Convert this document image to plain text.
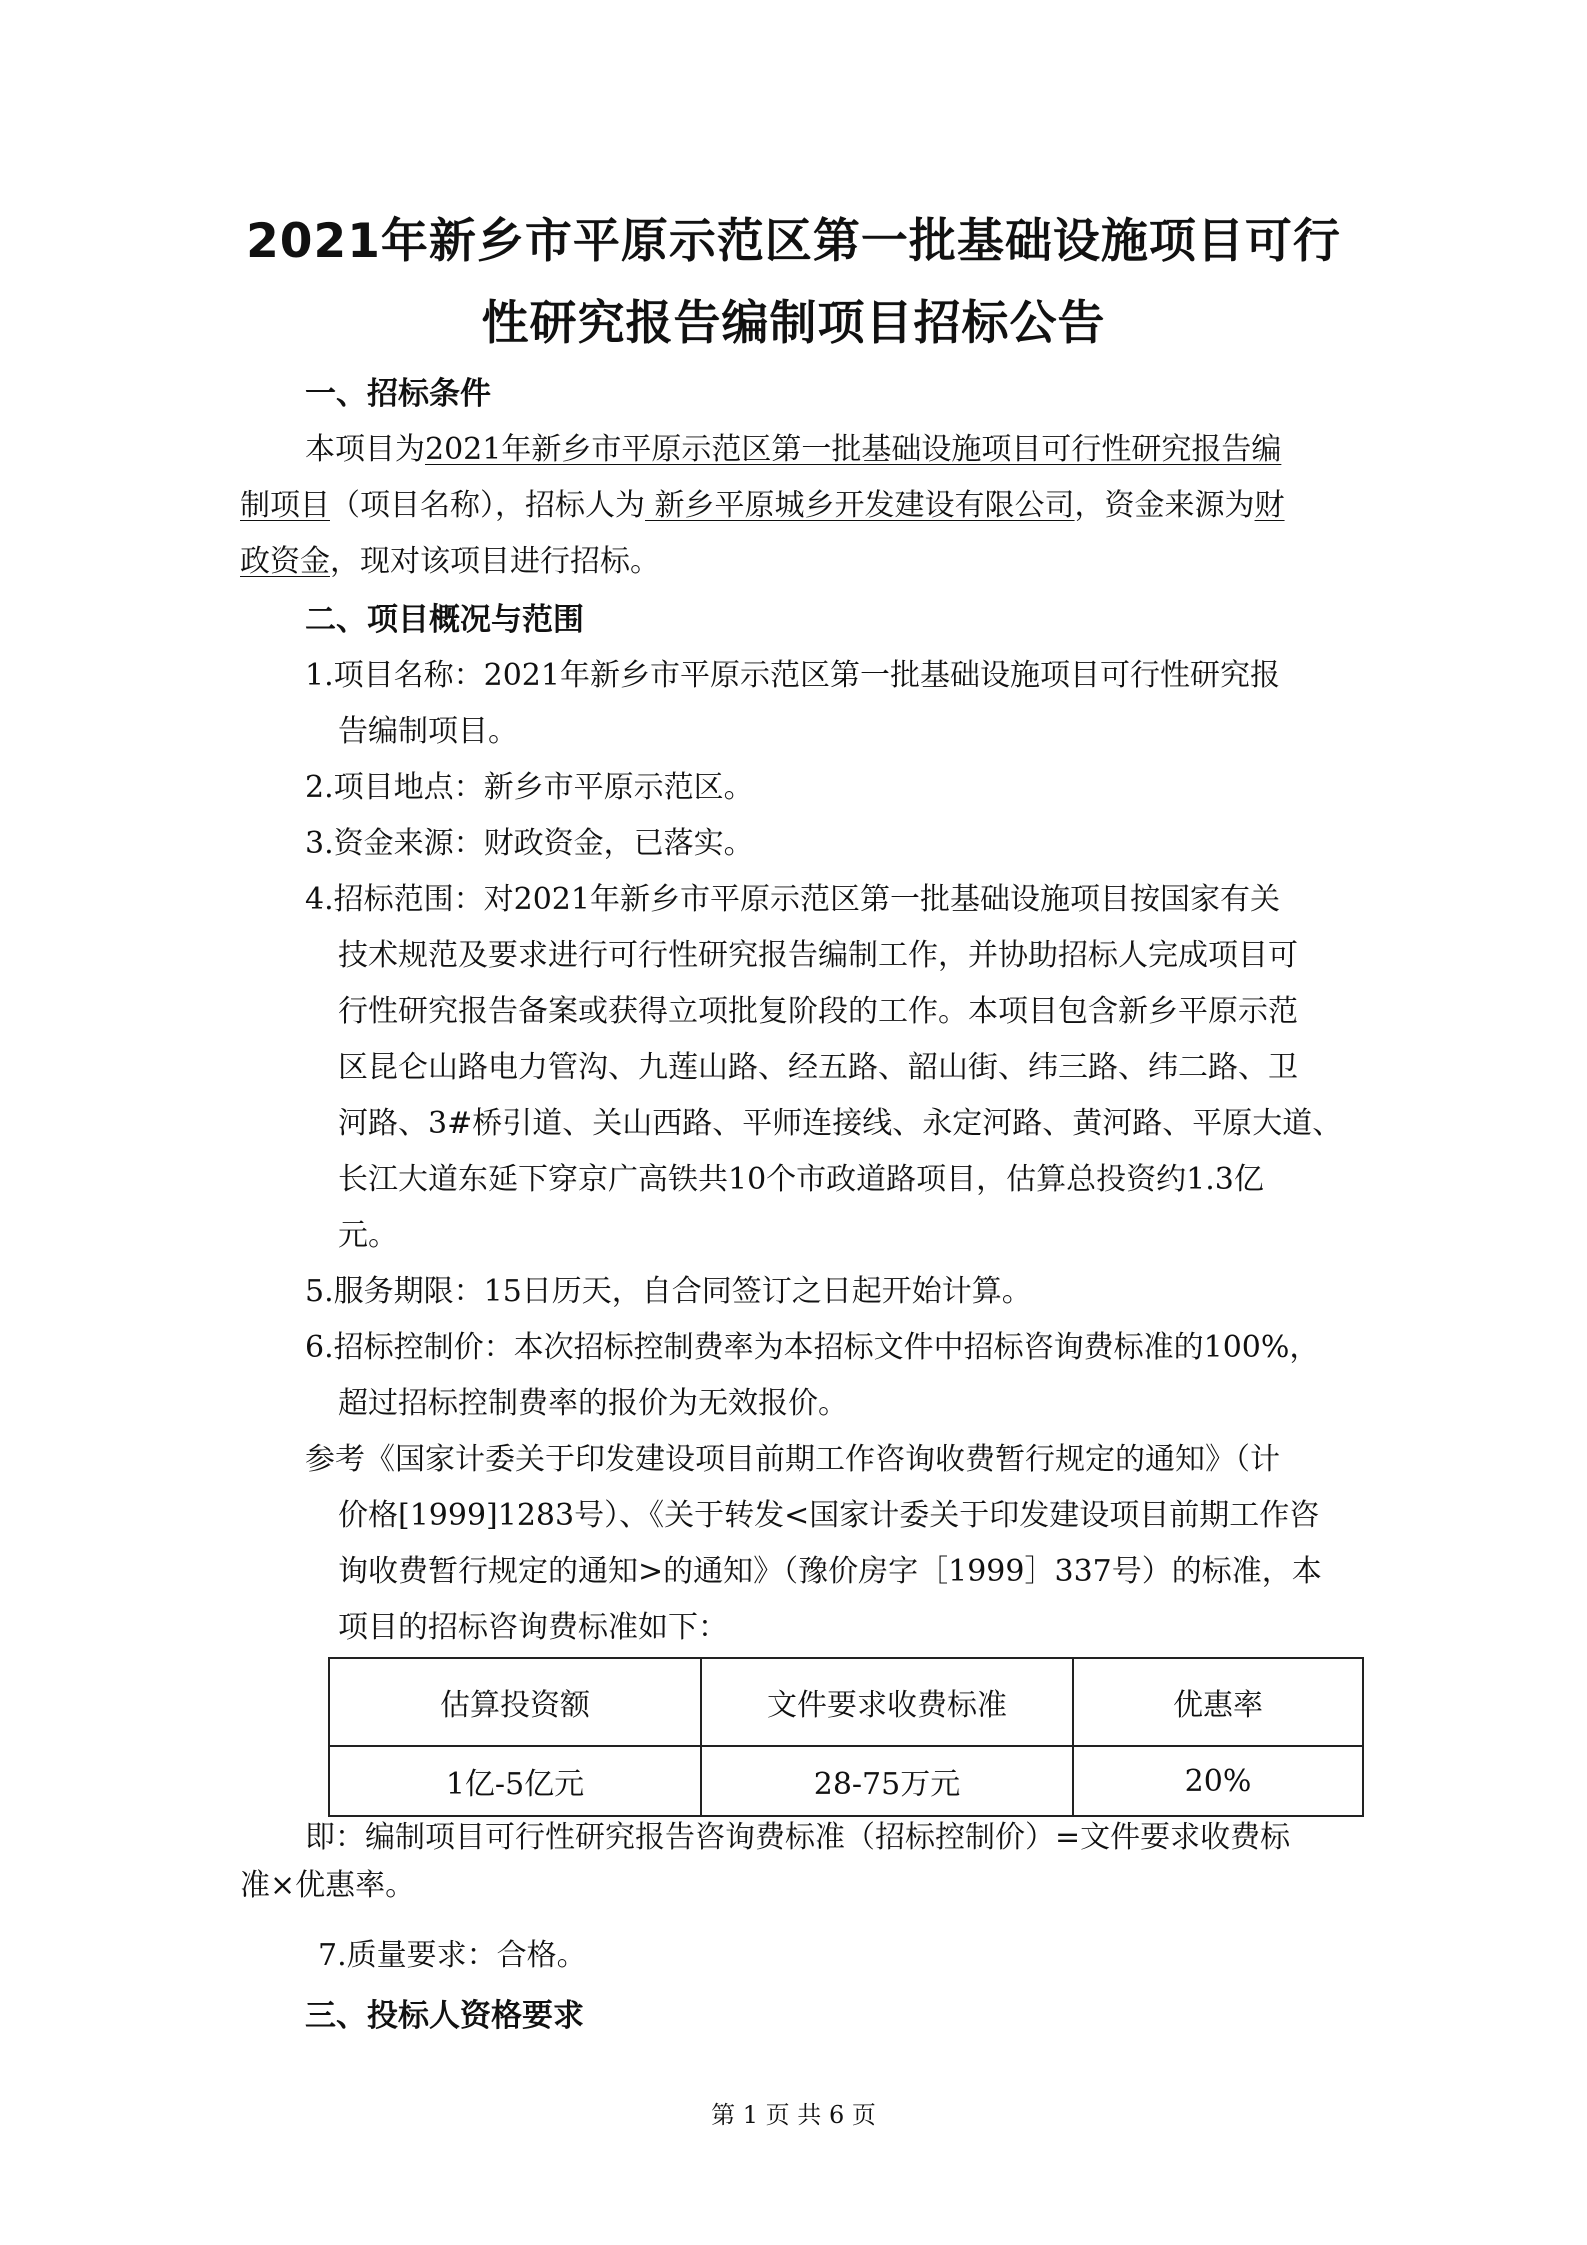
2021年新乡市平原示范区第一批基础设施项目可行
性研究报告编制项目招标公告
一、招标条件
本项目为2021年新乡市平原示范区第一批基础设施项目可行性研究报告编
制项目（项目名称），招标人为 新乡平原城乡开发建设有限公司，资金来源为财
政资金，现对该项目进行招标。
二、项目概况与范围
1.项目名称：2021年新乡市平原示范区第一批基础设施项目可行性研究报
告编制项目。
2.项目地点：新乡市平原示范区。
3.资金来源：财政资金，已落实。
4.招标范围：对2021年新乡市平原示范区第一批基础设施项目按国家有关
技术规范及要求进行可行性研究报告编制工作，并协助招标人完成项目可
行性研究报告备案或获得立项批复阶段的工作。本项目包含新乡平原示范
区昆仑山路电力管沟、九莲山路、经五路、韶山街、纬三路、纬二路、卫
河路、3#桥引道、关山西路、平师连接线、永定河路、黄河路、平原大道、
长江大道东延下穿京广高铁共10个市政道路项目，估算总投资约1.3亿
元。
5.服务期限：15日历天，自合同签订之日起开始计算。
6.招标控制价：本次招标控制费率为本招标文件中招标咨询费标准的100%，
超过招标控制费率的报价为无效报价。
参考《国家计委关于印发建设项目前期工作咨询收费暂行规定的通知》（计
价格[1999]1283号）、《关于转发<国家计委关于印发建设项目前期工作咨
询收费暂行规定的通知>的通知》（豫价房字［1999］337号）的标准，本
项目的招标咨询费标准如下：
估算投资额	文件要求收费标准	优惠率
1亿-5亿元	28-75万元	20%
即：编制项目可行性研究报告咨询费标准（招标控制价）=文件要求收费标
准×优惠率。
7.质量要求：合格。
三、投标人资格要求
第 1 页 共 6 页
